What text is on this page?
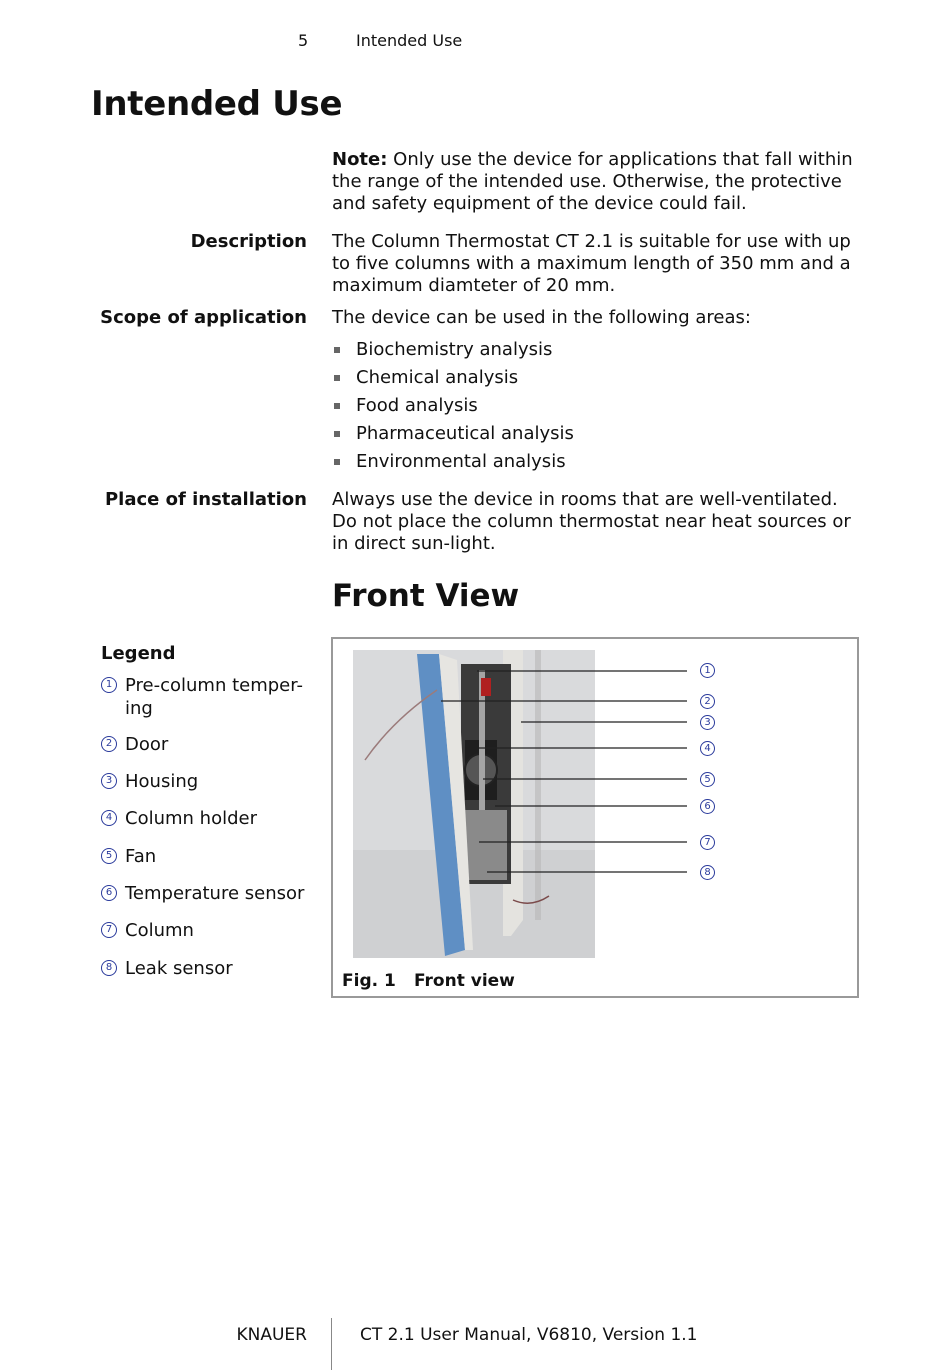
5	Intended Use
Intended Use

Note: Only use the device for applications that fall within the range of the intended use. Otherwise, the protective and safety equipment of the device could fail.

Description The Column Thermostat CT 2.1 is suitable for use with up to five columns with a maximum length of 350 mm and a maximum diamteter of 20 mm.

Scope of application The device can be used in the following areas:

Biochemistry analysis
Chemical analysis
Food analysis
Pharmaceutical analysis
Environmental analysis
Place of installation Always use the device in rooms that are well-ventilated. Do not place the column thermostat near heat sources or in direct sun-light.

Front View
Legend
1 Pre-column temper-
ing
2 Door
3 Housing
4 Column holder
5 Fan
6 Temperature sensor
7 Column
8 Leak sensor
1
2
3
4
5
6
7
8
Fig. 1 Front view
KNAUER	CT 2.1 User Manual, V6810, Version 1.1
